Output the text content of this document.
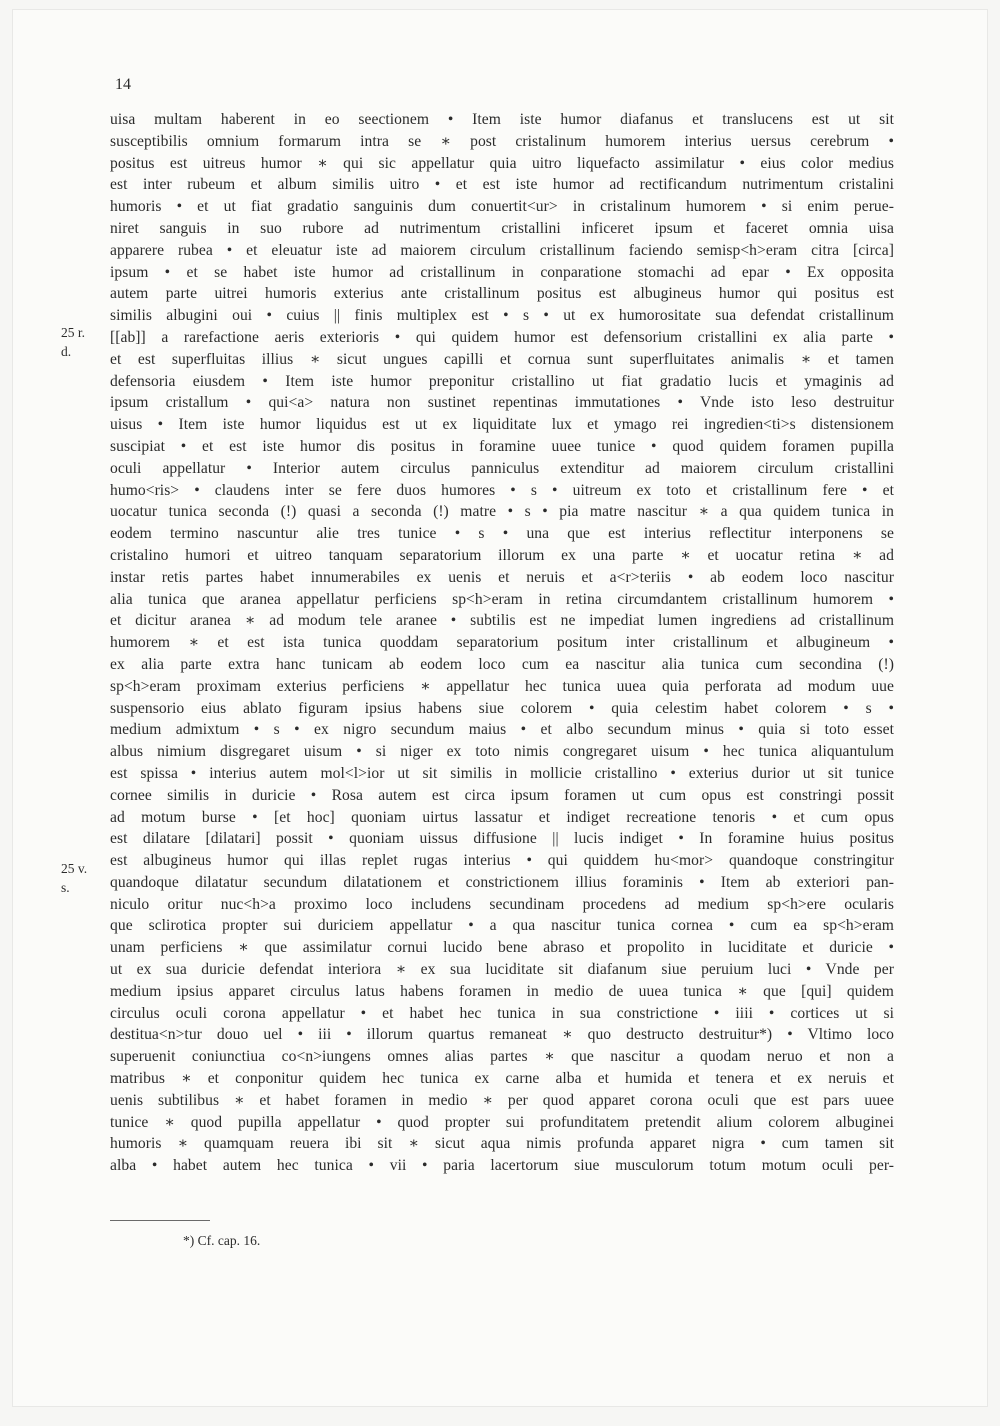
14
25 r.
d.
25 v.
s.
uisa multam haberent in eo seectionem • Item iste humor diafanus et translucens est ut sit
susceptibilis omnium formarum intra se ∗ post cristalinum humorem interius uersus cerebrum •
positus est uitreus humor ∗ qui sic appellatur quia uitro liquefacto assimilatur • eius color medius
est inter rubeum et album similis uitro • et est iste humor ad rectificandum nutrimentum cristalini
humoris • et ut fiat gradatio sanguinis dum conuertit<ur> in cristalinum humorem • si enim perue-
niret sanguis in suo rubore ad nutrimentum cristallini inficeret ipsum et faceret omnia uisa
apparere rubea • et eleuatur iste ad maiorem circulum cristallinum faciendo semisp<h>eram citra [circa]
ipsum • et se habet iste humor ad cristallinum in conparatione stomachi ad epar • Ex opposita
autem parte uitrei humoris exterius ante cristallinum positus est albugineus humor qui positus est
similis albugini oui • cuius || finis multiplex est • s • ut ex humorositate sua defendat cristallinum
[[ab]] a rarefactione aeris exterioris • qui quidem humor est defensorium cristallini ex alia parte •
et est superfluitas illius ∗ sicut ungues capilli et cornua sunt superfluitates animalis ∗ et tamen
defensoria eiusdem • Item iste humor preponitur cristallino ut fiat gradatio lucis et ymaginis ad
ipsum cristallum • qui<a> natura non sustinet repentinas immutationes • Vnde isto leso destruitur
uisus • Item iste humor liquidus est ut ex liquiditate lux et ymago rei ingredien<ti>s distensionem
suscipiat • et est iste humor dis positus in foramine uuee tunice • quod quidem foramen pupilla
oculi appellatur • Interior autem circulus panniculus extenditur ad maiorem circulum cristallini
humo<ris> • claudens inter se fere duos humores • s • uitreum ex toto et cristallinum fere • et
uocatur tunica seconda (!) quasi a seconda (!) matre • s • pia matre nascitur ∗ a qua quidem tunica in
eodem termino nascuntur alie tres tunice • s • una que est interius reflectitur interponens se
cristalino humori et uitreo tanquam separatorium illorum ex una parte ∗ et uocatur retina ∗ ad
instar retis partes habet innumerabiles ex uenis et neruis et a<r>teriis • ab eodem loco nascitur
alia tunica que aranea appellatur perficiens sp<h>eram in retina circumdantem cristallinum humorem •
et dicitur aranea ∗ ad modum tele aranee • subtilis est ne impediat lumen ingrediens ad cristallinum
humorem ∗ et est ista tunica quoddam separatorium positum inter cristallinum et albugineum •
ex alia parte extra hanc tunicam ab eodem loco cum ea nascitur alia tunica cum secondina (!)
sp<h>eram proximam exterius perficiens ∗ appellatur hec tunica uuea quia perforata ad modum uue
suspensorio eius ablato figuram ipsius habens siue colorem • quia celestim habet colorem • s •
medium admixtum • s • ex nigro secundum maius • et albo secundum minus • quia si toto esset
albus nimium disgregaret uisum • si niger ex toto nimis congregaret uisum • hec tunica aliquantulum
est spissa • interius autem mol<l>ior ut sit similis in mollicie cristallino • exterius durior ut sit tunice
cornee similis in duricie • Rosa autem est circa ipsum foramen ut cum opus est constringi possit
ad motum burse • [et hoc] quoniam uirtus lassatur et indiget recreatione tenoris • et cum opus
est dilatare [dilatari] possit • quoniam uissus diffusione || lucis indiget • In foramine huius positus
est albugineus humor qui illas replet rugas interius • qui quiddem hu<mor> quandoque constringitur
quandoque dilatatur secundum dilatationem et constrictionem illius foraminis • Item ab exteriori pan-
niculo oritur nuc<h>a proximo loco includens secundinam procedens ad medium sp<h>ere ocularis
que sclirotica propter sui duriciem appellatur • a qua nascitur tunica cornea • cum ea sp<h>eram
unam perficiens ∗ que assimilatur cornui lucido bene abraso et propolito in luciditate et duricie •
ut ex sua duricie defendat interiora ∗ ex sua luciditate sit diafanum siue peruium luci • Vnde per
medium ipsius apparet circulus latus habens foramen in medio de uuea tunica ∗ que [qui] quidem
circulus oculi corona appellatur • et habet hec tunica in sua constrictione • iiii • cortices ut si
destitua<n>tur douo uel • iii • illorum quartus remaneat ∗ quo destructo destruitur*) • Vltimo loco
superuenit coniunctiua co<n>iungens omnes alias partes ∗ que nascitur a quodam neruo et non a
matribus ∗ et conponitur quidem hec tunica ex carne alba et humida et tenera et ex neruis et
uenis subtilibus ∗ et habet foramen in medio ∗ per quod apparet corona oculi que est pars uuee
tunice ∗ quod pupilla appellatur • quod propter sui profunditatem pretendit alium colorem albuginei
humoris ∗ quamquam reuera ibi sit ∗ sicut aqua nimis profunda apparet nigra • cum tamen sit
alba • habet autem hec tunica • vii • paria lacertorum siue musculorum totum motum oculi per-
*) Cf. cap. 16.
